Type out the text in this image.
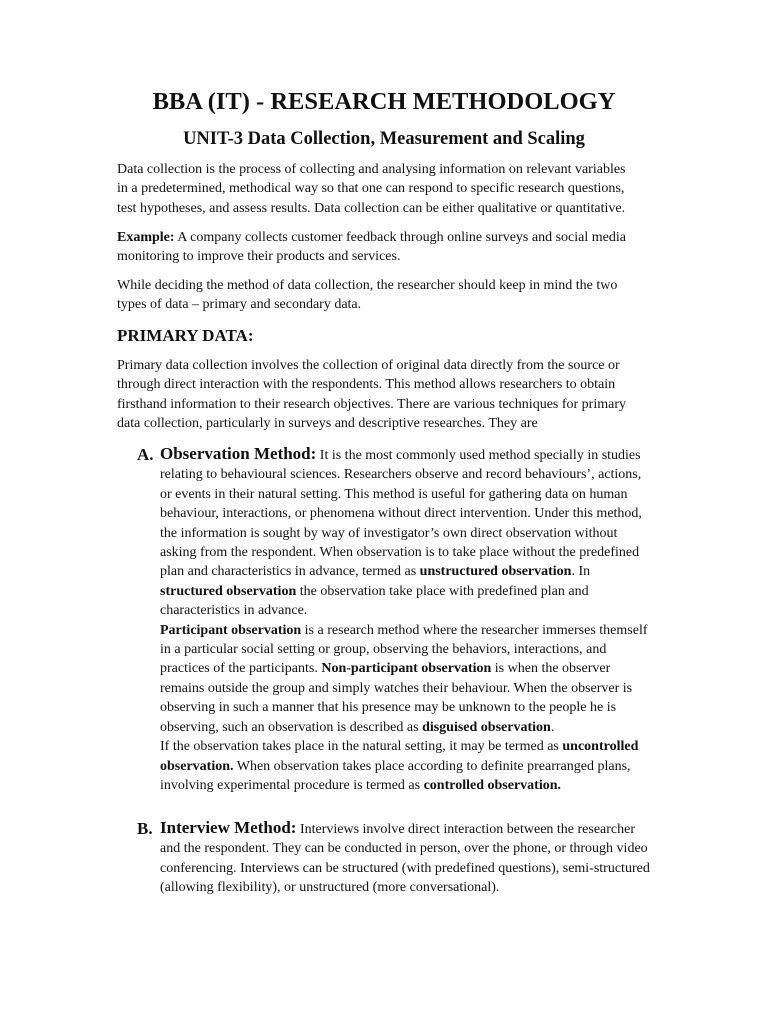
BBA (IT) - RESEARCH METHODOLOGY
UNIT-3 Data Collection, Measurement and Scaling

Data collection is the process of collecting and analysing information on relevant variables in a predetermined, methodical way so that one can respond to specific research questions, test hypotheses, and assess results. Data collection can be either qualitative or quantitative.

Example: A company collects customer feedback through online surveys and social media monitoring to improve their products and services.

While deciding the method of data collection, the researcher should keep in mind the two types of data – primary and secondary data.

PRIMARY DATA:

Primary data collection involves the collection of original data directly from the source or through direct interaction with the respondents. This method allows researchers to obtain firsthand information to their research objectives. There are various techniques for primary data collection, particularly in surveys and descriptive researches. They are

A. Observation Method: It is the most commonly used method specially in studies relating to behavioural sciences. Researchers observe and record behaviours’, actions, or events in their natural setting. This method is useful for gathering data on human behaviour, interactions, or phenomena without direct intervention. Under this method, the information is sought by way of investigator’s own direct observation without asking from the respondent. When observation is to take place without the predefined plan and characteristics in advance, termed as unstructured observation. In structured observation the observation take place with predefined plan and characteristics in advance.

Participant observation is a research method where the researcher immerses themself in a particular social setting or group, observing the behaviors, interactions, and practices of the participants. Non-participant observation is when the observer remains outside the group and simply watches their behaviour. When the observer is observing in such a manner that his presence may be unknown to the people he is observing, such an observation is described as disguised observation.

If the observation takes place in the natural setting, it may be termed as uncontrolled observation. When observation takes place according to definite prearranged plans, involving experimental procedure is termed as controlled observation.

B. Interview Method: Interviews involve direct interaction between the researcher and the respondent. They can be conducted in person, over the phone, or through video conferencing. Interviews can be structured (with predefined questions), semi-structured (allowing flexibility), or unstructured (more conversational).
